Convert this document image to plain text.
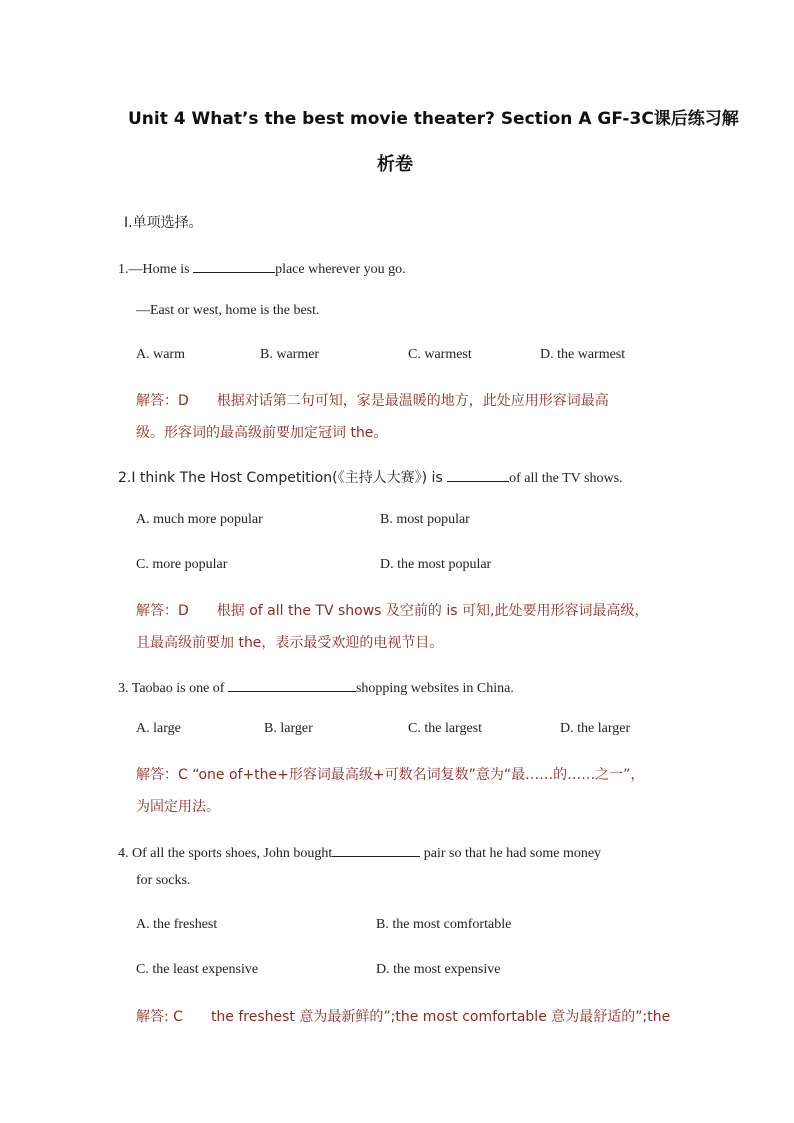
Unit 4 What’s the best movie theater? Section A GF-3C课后练习解
析卷
Ⅰ.单项选择。
1.—Home is	place wherever you go.
—East or west, home is the best.
A. warm	B. warmer	C. warmest	D. the warmest
解答：D　　根据对话第二句可知，家是最温暖的地方，此处应用形容词最高
级。形容词的最高级前要加定冠词 the。
2.I think The Host Competition(《主持人大赛》) is	of all the TV shows.
A. much more popular	B. most popular
C. more popular	D. the most popular
解答：D　　根据 of all the TV shows 及空前的 is 可知,此处要用形容词最高级，
且最高级前要加 the，表示最受欢迎的电视节目。
3. Taobao is one of	shopping websites in China.
A. large	B. larger	C. the largest	D. the larger
解答：C “one of+the+形容词最高级+可数名词复数”意为“最……的……之一”，
为固定用法。
4. Of all the sports shoes, John bought	pair so that he had some money
for socks.
A. the freshest	B. the most comfortable
C. the least expensive	D. the most expensive
解答: C　　the freshest 意为最新鲜的”;the most comfortable 意为最舒适的”;the
